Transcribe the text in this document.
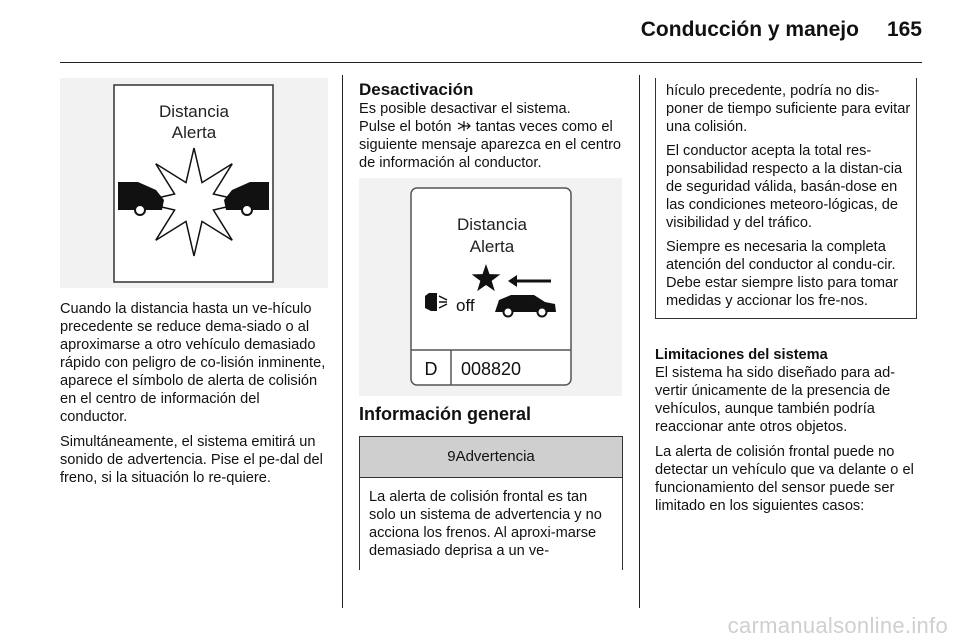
Conducción y manejo 165
Distancia
Alerta

Cuando la distancia hasta un ve-hículo precedente se reduce dema-siado o al aproximarse a otro vehículo demasiado rápido con peligro de co-lisión inminente, aparece el símbolo de alerta de colisión en el centro de información del conductor.

Simultáneamente, el sistema emitirá un sonido de advertencia. Pise el pe-dal del freno, si la situación lo re-quiere.

Desactivación
Es posible desactivar el sistema.
Pulse el botón tantas veces como el siguiente mensaje aparezca en el centro de información al conductor.
Distancia
Alerta
off
D 008820
Información general
9Advertencia

La alerta de colisión frontal es tan solo un sistema de advertencia y no acciona los frenos. Al aproxi-marse demasiado deprisa a un ve-

hículo precedente, podría no dis-poner de tiempo suficiente para evitar una colisión.

El conductor acepta la total res-ponsabilidad respecto a la distan-cia de seguridad válida, basán-dose en las condiciones meteoro-lógicas, de visibilidad y del tráfico.

Siempre es necesaria la completa atención del conductor al condu-cir. Debe estar siempre listo para tomar medidas y accionar los fre-nos.

Limitaciones del sistema

El sistema ha sido diseñado para ad-vertir únicamente de la presencia de vehículos, aunque también podría reaccionar ante otros objetos.

La alerta de colisión frontal puede no detectar un vehículo que va delante o el funcionamiento del sensor puede ser limitado en los siguientes casos:

carmanualsonline.info
